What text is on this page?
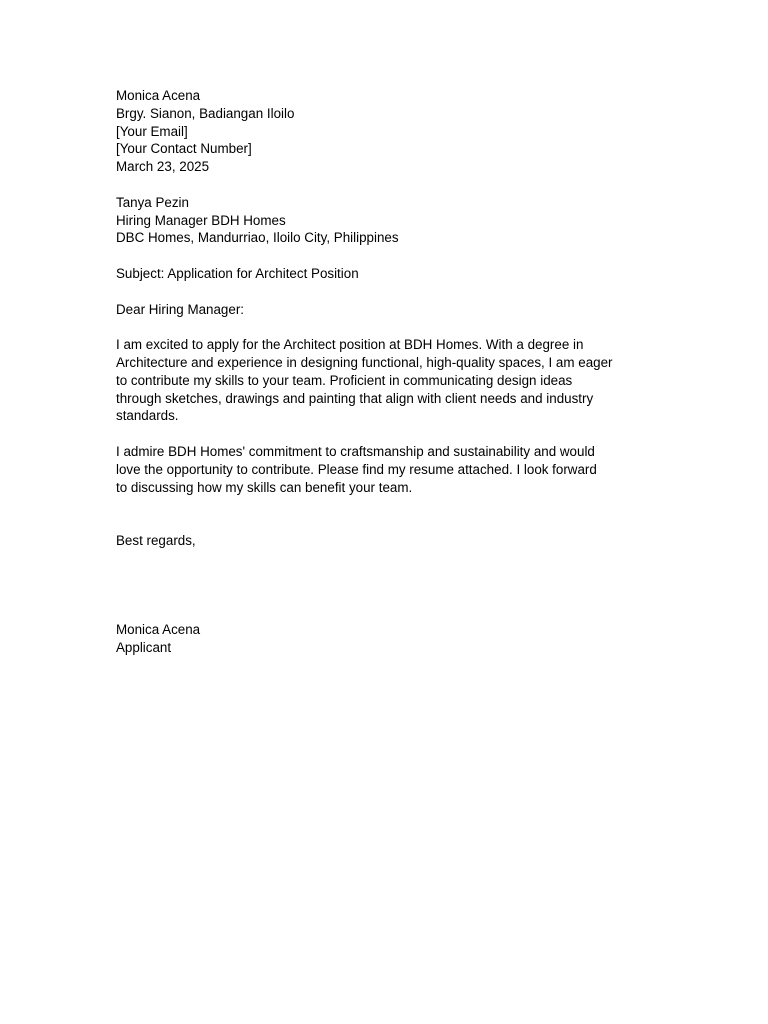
Monica Acena
Brgy. Sianon, Badiangan Iloilo
[Your Email]
[Your Contact Number]
March 23, 2025
Tanya Pezin
Hiring Manager BDH Homes
DBC Homes, Mandurriao, Iloilo City, Philippines
Subject: Application for Architect Position
Dear Hiring Manager:
I am excited to apply for the Architect position at BDH Homes. With a degree in
Architecture and experience in designing functional, high-quality spaces, I am eager
to contribute my skills to your team. Proficient in communicating design ideas
through sketches, drawings and painting that align with client needs and industry
standards.
I admire BDH Homes' commitment to craftsmanship and sustainability and would
love the opportunity to contribute. Please find my resume attached. I look forward
to discussing how my skills can benefit your team.
Best regards,
Monica Acena
Applicant
